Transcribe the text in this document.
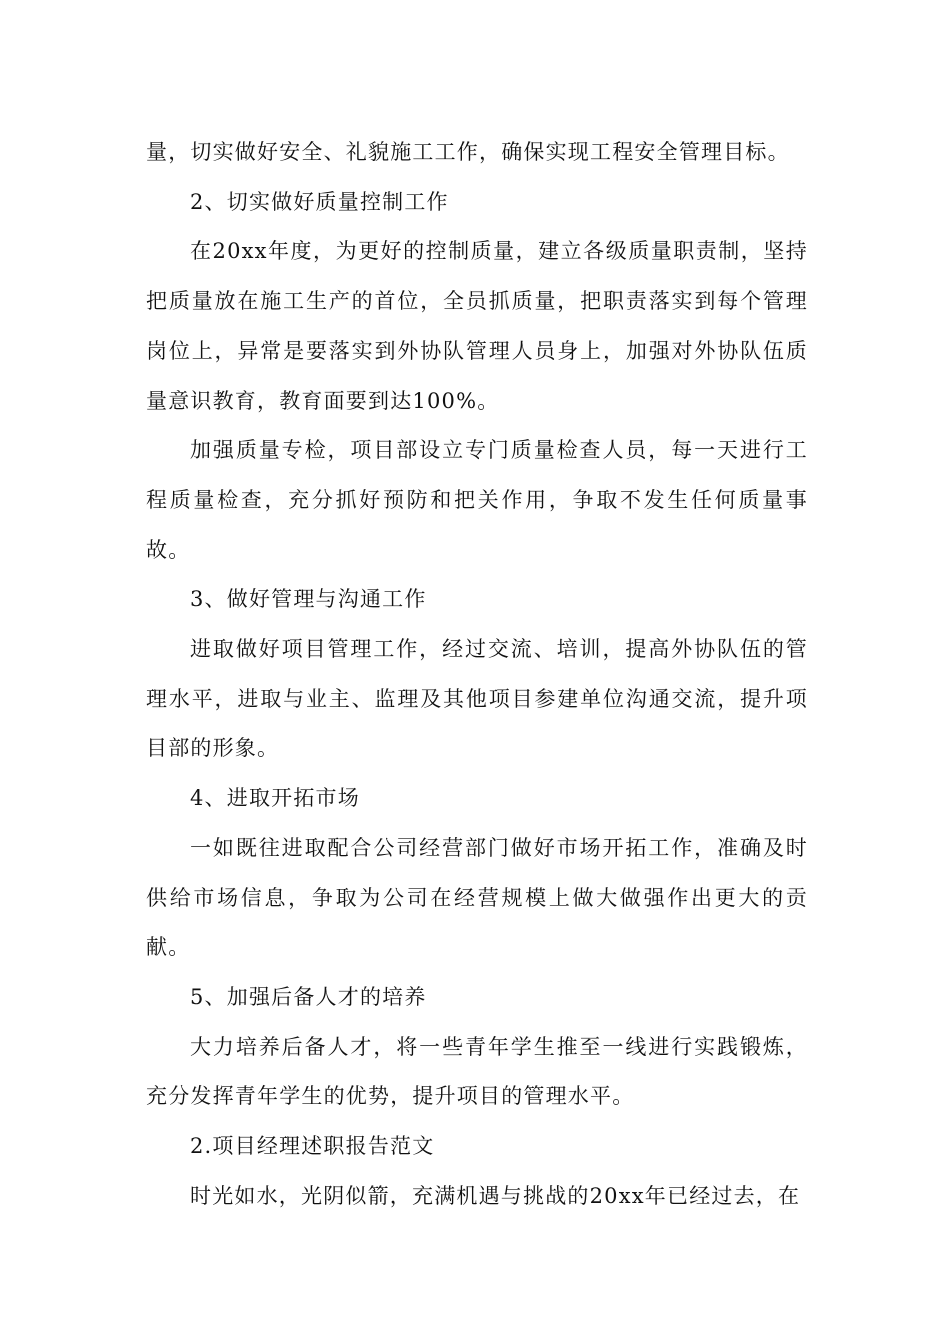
量，切实做好安全、礼貌施工工作，确保实现工程安全管理目标。

2、切实做好质量控制工作

在20xx年度，为更好的控制质量，建立各级质量职责制，坚持把质量放在施工生产的首位，全员抓质量，把职责落实到每个管理岗位上，异常是要落实到外协队管理人员身上，加强对外协队伍质量意识教育，教育面要到达100%。

加强质量专检，项目部设立专门质量检查人员，每一天进行工程质量检查，充分抓好预防和把关作用，争取不发生任何质量事故。

3、做好管理与沟通工作

进取做好项目管理工作，经过交流、培训，提高外协队伍的管理水平，进取与业主、监理及其他项目参建单位沟通交流，提升项目部的形象。

4、进取开拓市场

一如既往进取配合公司经营部门做好市场开拓工作，准确及时供给市场信息，争取为公司在经营规模上做大做强作出更大的贡献。

5、加强后备人才的培养

大力培养后备人才，将一些青年学生推至一线进行实践锻炼，充分发挥青年学生的优势，提升项目的管理水平。

2.项目经理述职报告范文

时光如水，光阴似箭，充满机遇与挑战的20xx年已经过去，在
